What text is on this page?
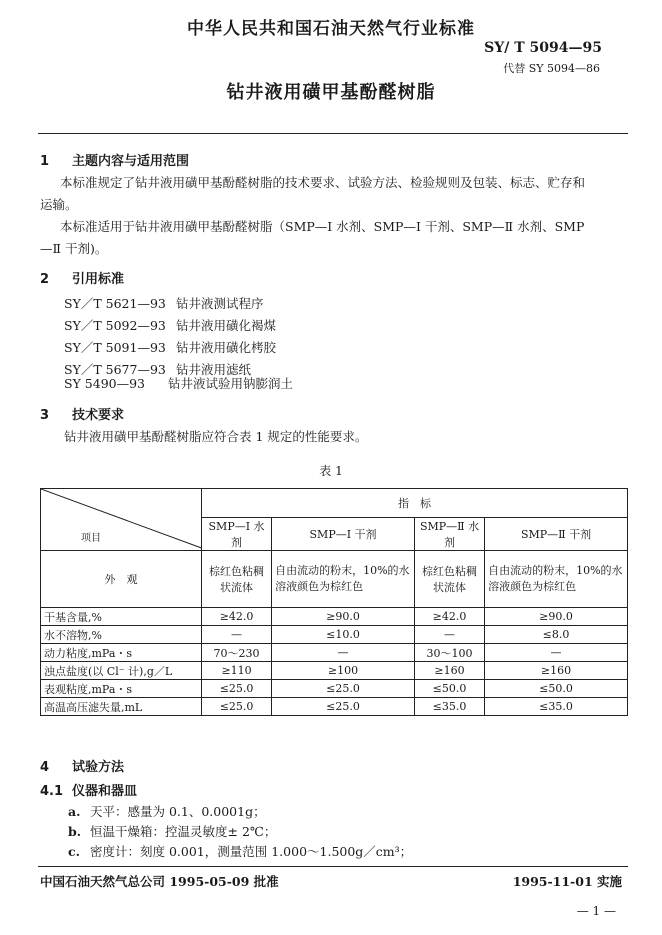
中华人民共和国石油天然气行业标准
SY/ T 5094—95
代替 SY 5094—86
钻井液用磺甲基酚醛树脂
1 主题内容与适用范围
本标准规定了钻井液用磺甲基酚醛树脂的技术要求、试验方法、检验规则及包装、标志、贮存和
运输。
本标准适用于钻井液用磺甲基酚醛树脂（SMP—Ⅰ 水剂、SMP—Ⅰ 干剂、SMP—Ⅱ 水剂、SMP
—Ⅱ 干剂)。
2 引用标准
SY／T 5621—93 钻井液测试程序
SY／T 5092—93 钻井液用磺化褐煤
SY／T 5091—93 钻井液用磺化栲胶
SY／T 5677—93 钻井液用滤纸
SY 5490—93 钻井液试验用钠膨润土
3 技术要求
钻井液用磺甲基酚醛树脂应符合表 1 规定的性能要求。
表 1
项目	指　标			
	SMP—Ⅰ 水剂	SMP—Ⅰ 干剂	SMP—Ⅱ 水剂	SMP—Ⅱ 干剂
外　观	棕红色粘稠状流体	自由流动的粉末，10%的水溶液颜色为棕红色	棕红色粘稠状流体	自由流动的粉末，10%的水溶液颜色为棕红色
干基含量,%	≥42.0	≥90.0	≥42.0	≥90.0
水不溶物,%	—	≤10.0	—	≤8.0
动力粘度,mPa・s	70～230	—	30～100	—
浊点盐度(以 Cl⁻ 计),g／L	≥110	≥100	≥160	≥160
表观粘度,mPa・s	≤25.0	≤25.0	≤50.0	≤50.0
高温高压滤失量,mL	≤25.0	≤25.0	≤35.0	≤35.0
4 试验方法
4.1 仪器和器皿
a. 天平：感量为 0.1、0.0001g；
b. 恒温干燥箱：控温灵敏度± 2℃；
c. 密度计：刻度 0.001，测量范围 1.000～1.500g／cm³；
中国石油天然气总公司 1995-05-09 批准	1995-11-01 实施
— 1 —
